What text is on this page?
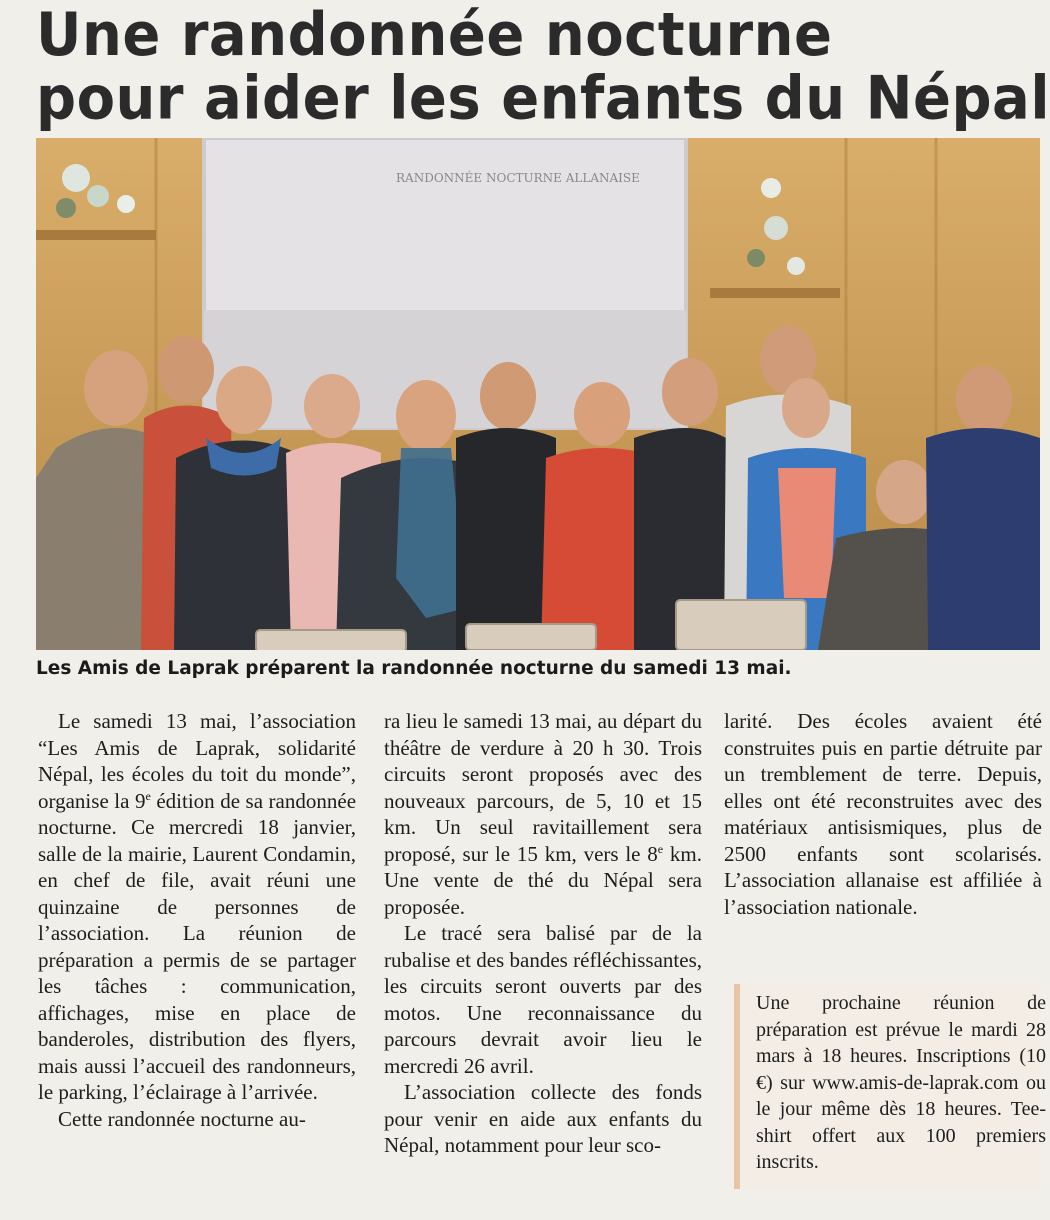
Une randonnée nocturne
pour aider les enfants du Népal
RANDONNÉE NOCTURNE ALLANAISE
Les Amis de Laprak préparent la randonnée nocturne du samedi 13 mai.

Le samedi 13 mai, l’association “Les Amis de Laprak, solidarité Népal, les écoles du toit du monde”, organise la 9e édition de sa randonnée nocturne. Ce mercredi 18 janvier, salle de la mairie, Laurent Condamin, en chef de file, avait réuni une quinzaine de personnes de l’association. La réunion de préparation a permis de se partager les tâches : communication, affichages, mise en place de banderoles, distribution des flyers, mais aussi l’accueil des randonneurs, le parking, l’éclairage à l’arrivée.

Cette randonnée nocturne au-

ra lieu le samedi 13 mai, au départ du théâtre de verdure à 20 h 30. Trois circuits seront proposés avec des nouveaux parcours, de 5, 10 et 15 km. Un seul ravitaillement sera proposé, sur le 15 km, vers le 8e km. Une vente de thé du Népal sera proposée.

Le tracé sera balisé par de la rubalise et des bandes réfléchissantes, les circuits seront ouverts par des motos. Une reconnaissance du parcours devrait avoir lieu le mercredi 26 avril.

L’association collecte des fonds pour venir en aide aux enfants du Népal, notamment pour leur sco-

larité. Des écoles avaient été construites puis en partie détruite par un tremblement de terre. Depuis, elles ont été reconstruites avec des matériaux antisismiques, plus de 2500 enfants sont scolarisés. L’association allanaise est affiliée à l’association nationale.

Une prochaine réunion de préparation est prévue le mardi 28 mars à 18 heures. Inscriptions (10 €) sur www.amis-de-laprak.com ou le jour même dès 18 heures. Tee-shirt offert aux 100 premiers inscrits.
